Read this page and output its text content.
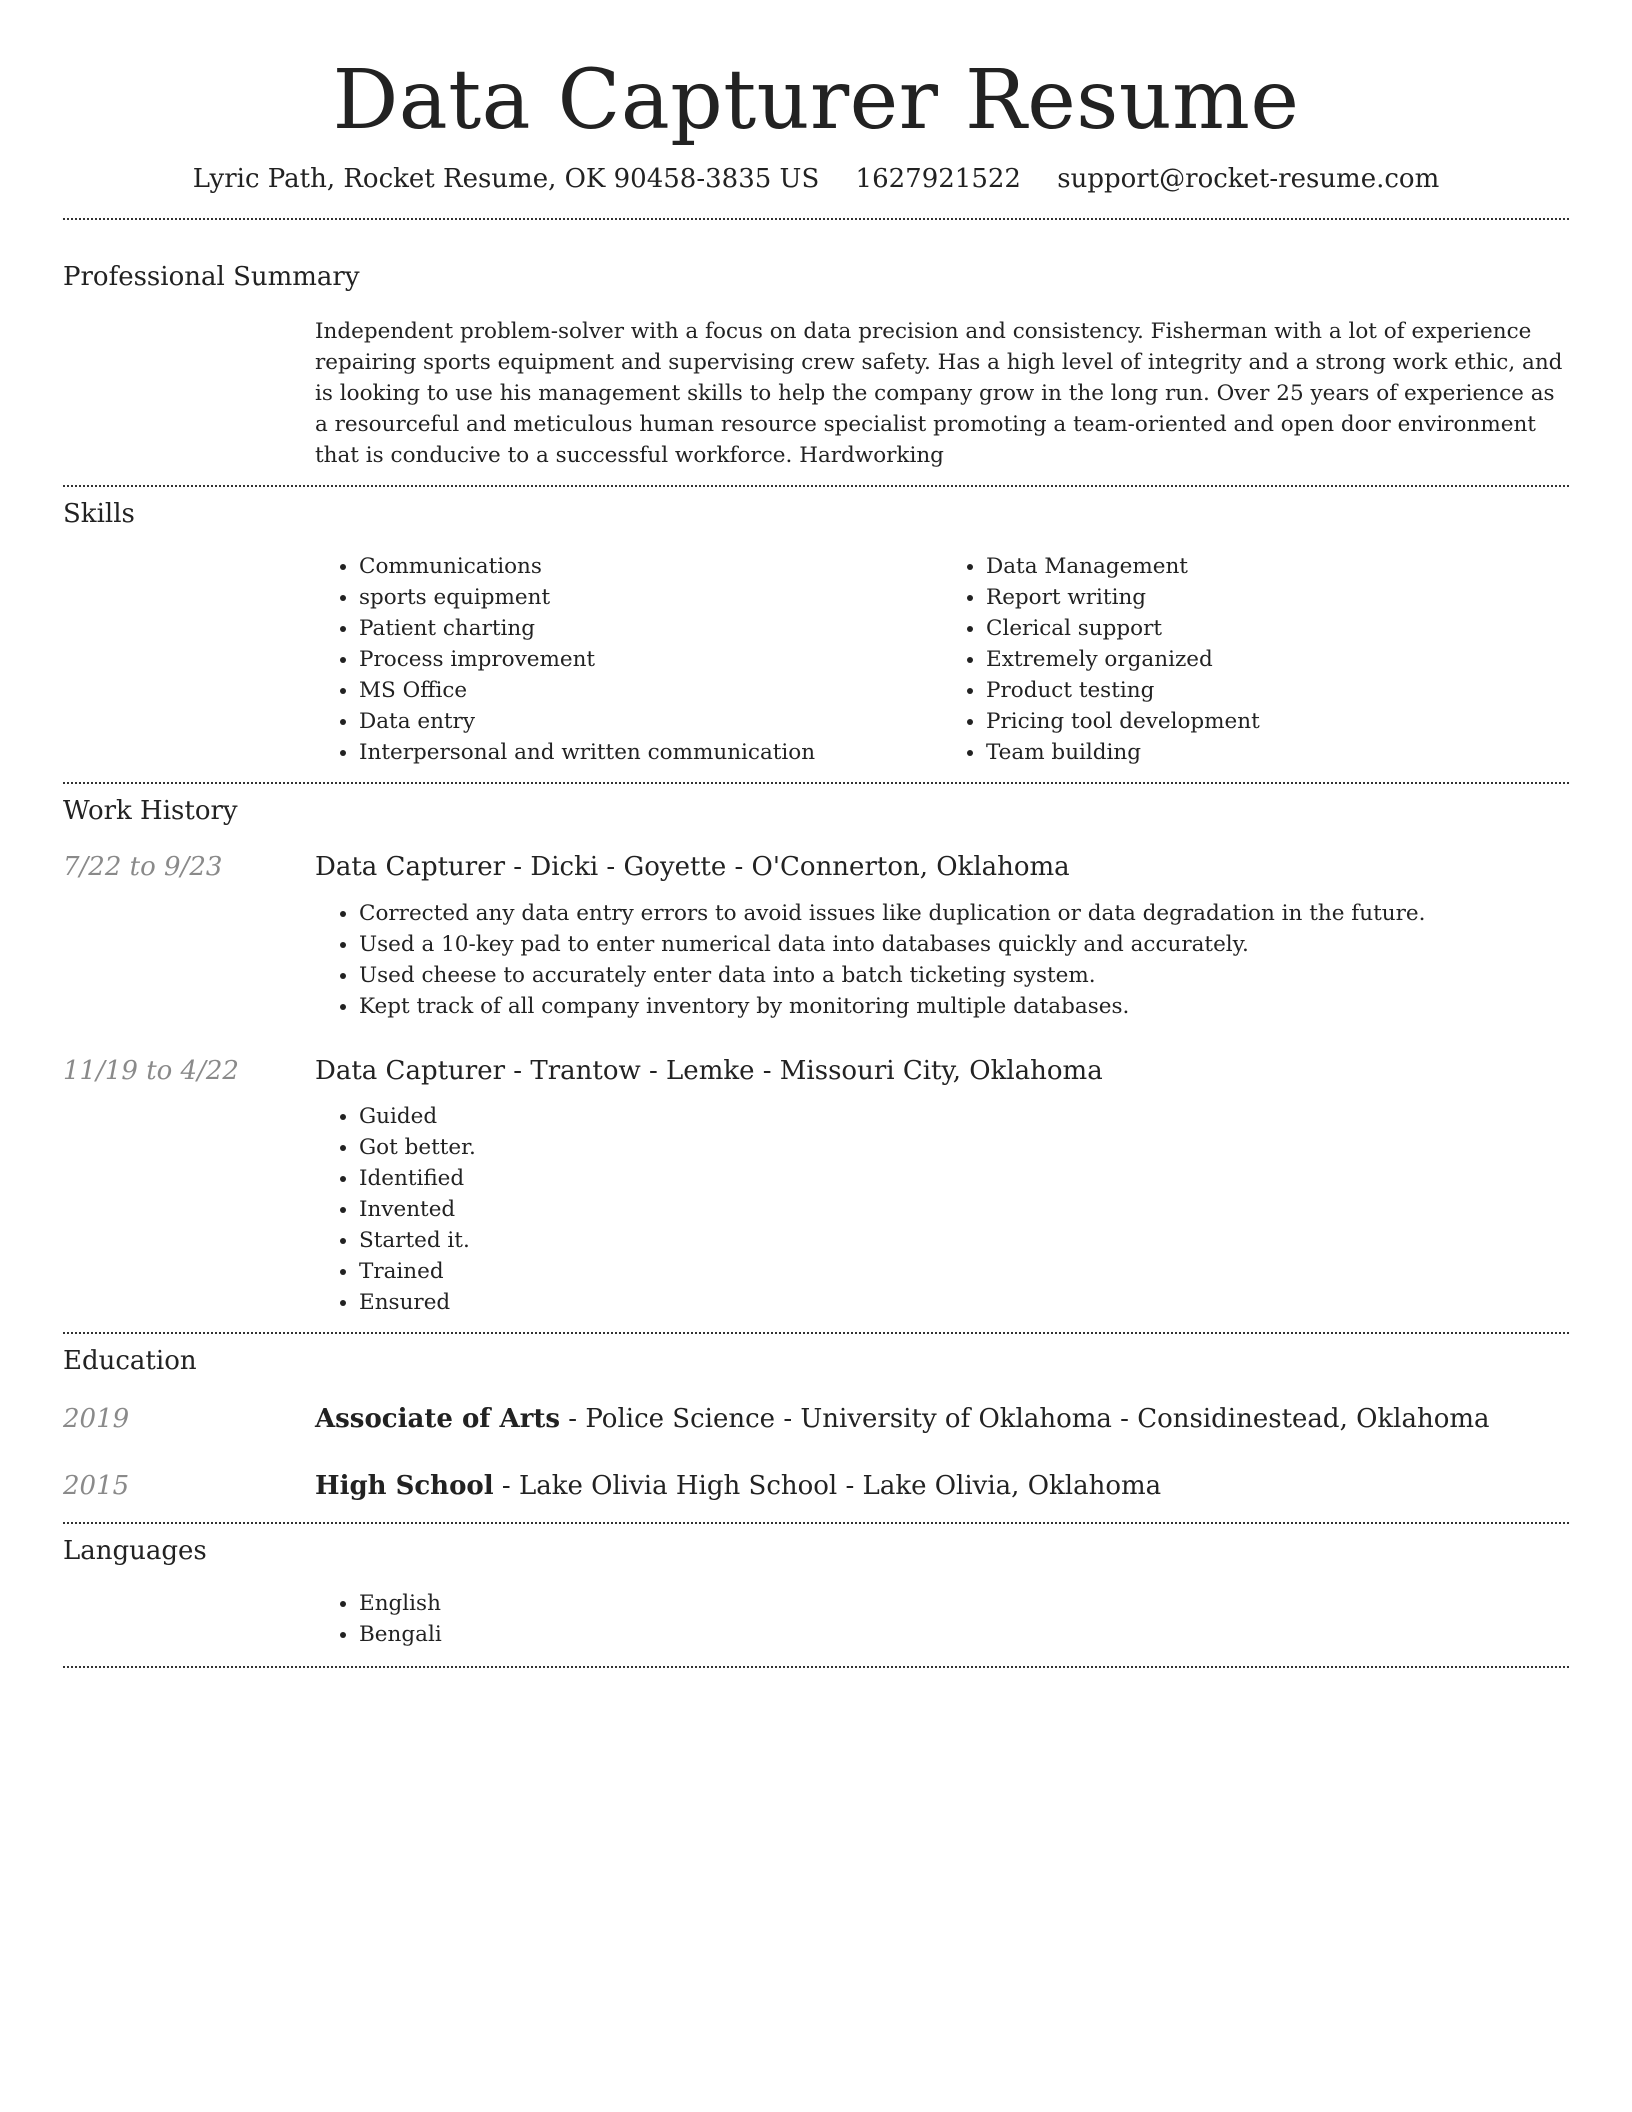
Data Capturer Resume
Lyric Path, Rocket Resume, OK 90458-3835 US 1627921522 support@rocket-resume.com
Professional Summary

Independent problem-solver with a focus on data precision and consistency. Fisherman with a lot of experience repairing sports equipment and supervising crew safety. Has a high level of integrity and a strong work ethic, and is looking to use his management skills to help the company grow in the long run. Over 25 years of experience as a resourceful and meticulous human resource specialist promoting a team-oriented and open door environment that is conducive to a successful workforce. Hardworking

Skills
• Communications
• sports equipment
• Patient charting
• Process improvement
• MS Office
• Data entry
• Interpersonal and written communication
• Data Management
• Report writing
• Clerical support
• Extremely organized
• Product testing
• Pricing tool development
• Team building
Work History
7/22 to 9/23	Data Capturer - Dicki - Goyette - O'Connerton, Oklahoma
• Corrected any data entry errors to avoid issues like duplication or data degradation in the future.
• Used a 10-key pad to enter numerical data into databases quickly and accurately.
• Used cheese to accurately enter data into a batch ticketing system.
• Kept track of all company inventory by monitoring multiple databases.
11/19 to 4/22	Data Capturer - Trantow - Lemke - Missouri City, Oklahoma
• Guided
• Got better.
• Identified
• Invented
• Started it.
• Trained
• Ensured
Education
2019	Associate of Arts - Police Science - University of Oklahoma - Considinestead, Oklahoma
2015	High School - Lake Olivia High School - Lake Olivia, Oklahoma
Languages
• English
• Bengali
